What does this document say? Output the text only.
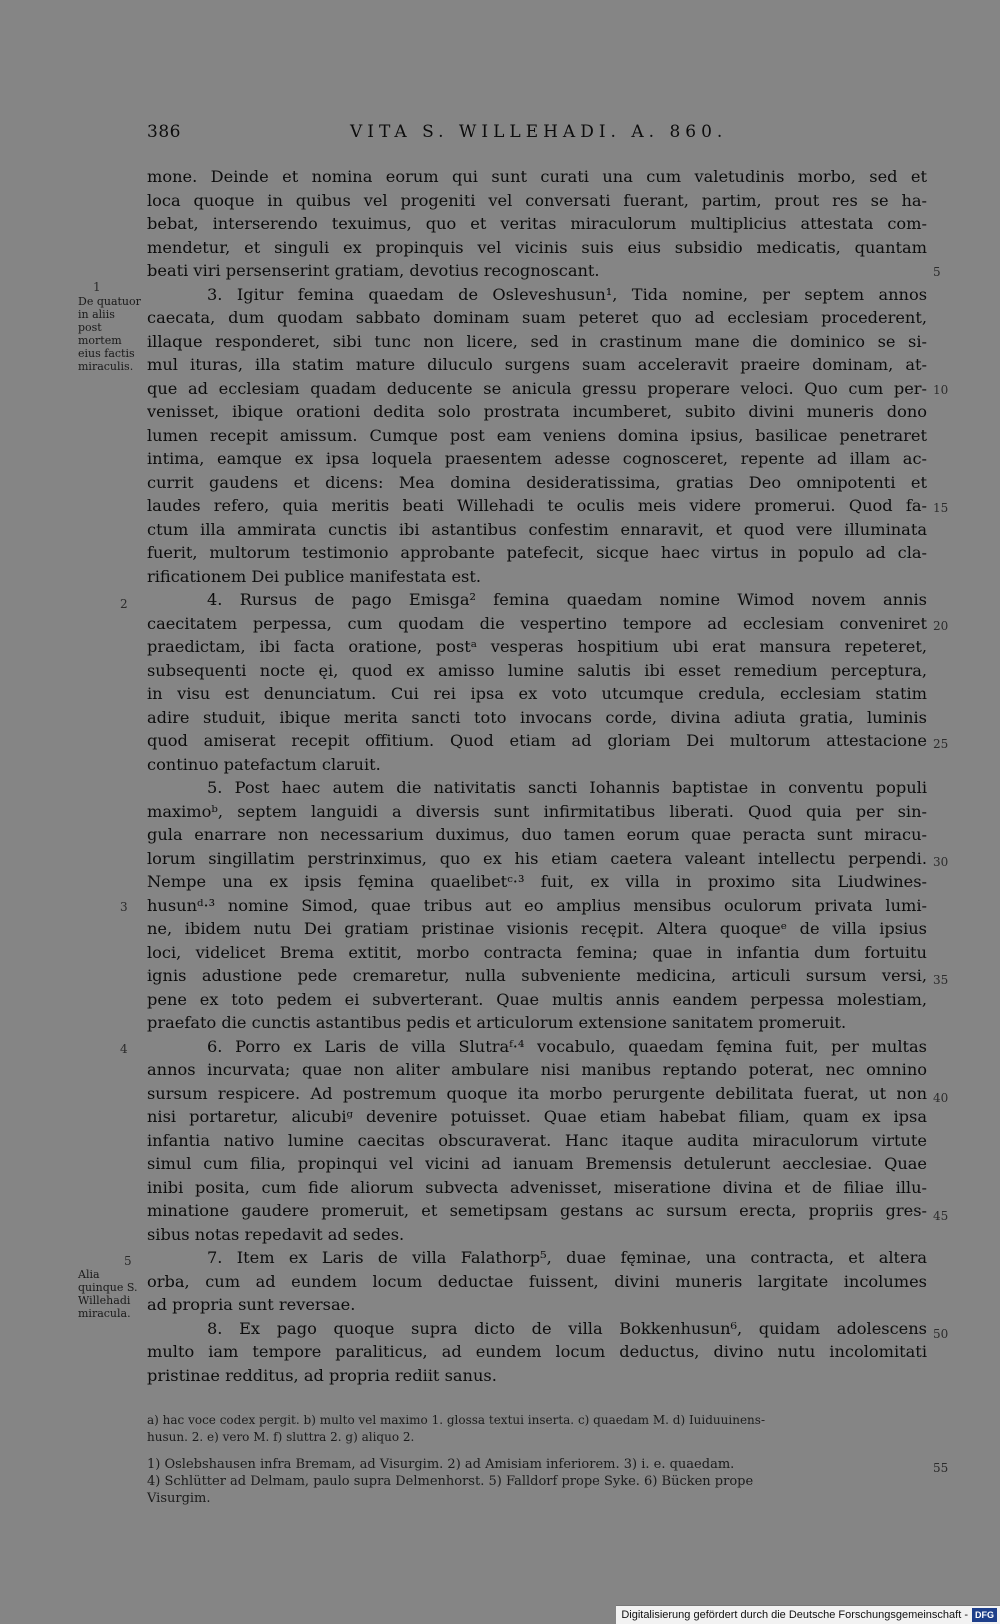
386	VITA S. WILLEHADI. A. 860.
mone. Deinde et nomina eorum qui sunt curati una cum valetudinis morbo, sed et
loca quoque in quibus vel progeniti vel conversati fuerant, partim, prout res se ha-
bebat, interserendo texuimus, quo et veritas miraculorum multiplicius attestata com-
mendetur, et singuli ex propinquis vel vicinis suis eius subsidio medicatis, quantam
beati viri persenserint gratiam, devotius recognoscant.
3. Igitur femina quaedam de Osleveshusun¹, Tida nomine, per septem annos
caecata, dum quodam sabbato dominam suam peteret quo ad ecclesiam procederent,
illaque responderet, sibi tunc non licere, sed in crastinum mane die dominico se si-
mul ituras, illa statim mature diluculo surgens suam acceleravit praeire dominam, at-
que ad ecclesiam quadam deducente se anicula gressu properare veloci. Quo cum per-
venisset, ibique orationi dedita solo prostrata incumberet, subito divini muneris dono
lumen recepit amissum. Cumque post eam veniens domina ipsius, basilicae penetraret
intima, eamque ex ipsa loquela praesentem adesse cognosceret, repente ad illam ac-
currit gaudens et dicens: Mea domina desideratissima, gratias Deo omnipotenti et
laudes refero, quia meritis beati Willehadi te oculis meis videre promerui. Quod fa-
ctum illa ammirata cunctis ibi astantibus confestim ennaravit, et quod vere illuminata
fuerit, multorum testimonio approbante patefecit, sicque haec virtus in populo ad cla-
rificationem Dei publice manifestata est.
4. Rursus de pago Emisga² femina quaedam nomine Wimod novem annis
caecitatem perpessa, cum quodam die vespertino tempore ad ecclesiam conveniret
praedictam, ibi facta oratione, postᵃ vesperas hospitium ubi erat mansura repeteret,
subsequenti nocte ęi, quod ex amisso lumine salutis ibi esset remedium perceptura,
in visu est denunciatum. Cui rei ipsa ex voto utcumque credula, ecclesiam statim
adire studuit, ibique merita sancti toto invocans corde, divina adiuta gratia, luminis
quod amiserat recepit offitium. Quod etiam ad gloriam Dei multorum attestacione
continuo patefactum claruit.
5. Post haec autem die nativitatis sancti Iohannis baptistae in conventu populi
maximoᵇ, septem languidi a diversis sunt infirmitatibus liberati. Quod quia per sin-
gula enarrare non necessarium duximus, duo tamen eorum quae peracta sunt miracu-
lorum singillatim perstrinximus, quo ex his etiam caetera valeant intellectu perpendi.
Nempe una ex ipsis fęmina quaelibetᶜ·³ fuit, ex villa in proximo sita Liudwines-
husunᵈ·³ nomine Simod, quae tribus aut eo amplius mensibus oculorum privata lumi-
ne, ibidem nutu Dei gratiam pristinae visionis recępit. Altera quoqueᵉ de villa ipsius
loci, videlicet Brema extitit, morbo contracta femina; quae in infantia dum fortuitu
ignis adustione pede cremaretur, nulla subveniente medicina, articuli sursum versi,
pene ex toto pedem ei subverterant. Quae multis annis eandem perpessa molestiam,
praefato die cunctis astantibus pedis et articulorum extensione sanitatem promeruit.
6. Porro ex Laris de villa Slutraᶠ·⁴ vocabulo, quaedam fęmina fuit, per multas
annos incurvata; quae non aliter ambulare nisi manibus reptando poterat, nec omnino
sursum respicere. Ad postremum quoque ita morbo perurgente debilitata fuerat, ut non
nisi portaretur, alicubiᵍ devenire potuisset. Quae etiam habebat filiam, quam ex ipsa
infantia nativo lumine caecitas obscuraverat. Hanc itaque audita miraculorum virtute
simul cum filia, propinqui vel vicini ad ianuam Bremensis detulerunt aecclesiae. Quae
inibi posita, cum fide aliorum subvecta advenisset, miseratione divina et de filiae illu-
minatione gaudere promeruit, et semetipsam gestans ac sursum erecta, propriis gres-
sibus notas repedavit ad sedes.
7. Item ex Laris de villa Falathorp⁵, duae fęminae, una contracta, et altera
orba, cum ad eundem locum deductae fuissent, divini muneris largitate incolumes
ad propria sunt reversae.
8. Ex pago quoque supra dicto de villa Bokkenhusun⁶, quidam adolescens
multo iam tempore paraliticus, ad eundem locum deductus, divino nutu incolomitati
pristinae redditus, ad propria rediit sanus.
5
10
15
20
25
30
35
40
45
50
55
1
2
3
4
5
De quatuor in aliis post mortem eius factis miraculis.
Alia quinque S. Willehadi miracula.
a) hac voce codex pergit. b) multo vel maximo 1. glossa textui inserta. c) quaedam M. d) Iuiduuinens-
husun. 2. e) vero M. f) sluttra 2. g) aliquo 2.
1) Oslebshausen infra Bremam, ad Visurgim. 2) ad Amisiam inferiorem. 3) i. e. quaedam.
4) Schlütter ad Delmam, paulo supra Delmenhorst. 5) Falldorf prope Syke. 6) Bücken prope
Visurgim.
Digitalisierung gefördert durch die Deutsche Forschungsgemeinschaft - DFG
